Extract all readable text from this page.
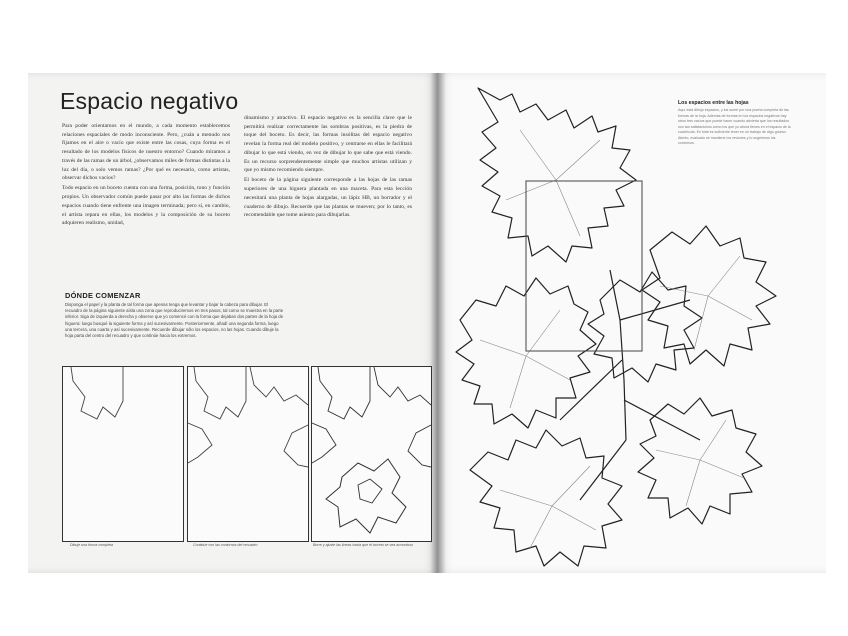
Espacio negativo

Para poder orientarnos en el mundo, a cada momento establecemos relaciones espaciales de modo inconsciente. Pero, ¿cuán a menudo nos fijamos en el aire o vacío que existe entre las cosas, cuya forma es el resultado de los modelos físicos de nuestro entorno? Cuando miramos a través de las ramas de un árbol, ¿observamos miles de formas distintas a la luz del día, o solo vemos ramas? ¿Por qué es necesario, como artistas, observar dichos vacíos?

Todo espacio en un boceto cuenta con una forma, posición, tono y función propios. Un observador común puede pasar por alto las formas de dichos espacios cuando tiene enfrente una imagen terminada; pero sí, en cambio, el artista repara en ellas, los modelos y la composición de su boceto adquieren realismo, unidad,

dinamismo y atractivo. El espacio negativo es la sencilla clave que le permitirá realizar correctamente las sombras positivas, es la piedra de toque del boceto. Es decir, las formas insólitas del espacio negativo revelan la forma real del modelo positivo, y centrarse en ellas le facilitará dibujar lo que está viendo, en vez de dibujar lo que sabe que está viendo. Es un recurso sorprendentemente simple que muchos artistas utilizan y que yo mismo recomiendo siempre.

El boceto de la página siguiente corresponde a las hojas de las ramas superiores de una higuera plantada en una maceta. Para esta lección necesitará una planta de hojas alargadas, un lápiz HB, un borrador y el cuaderno de dibujo. Recuerde que las plantas se mueven; por lo tanto, es recomendable que tome asiento para dibujarlas.

DÓNDE COMENZAR
Disponga el papel y la planta de tal forma que apenas tenga que levantar y bajar la cabeza para dibujar. El recuadro de la página siguiente aísla una zona que reproduciremos en tres pasos, tal como se muestra en la parte inferior. Siga de izquierda a derecha y observe que yo comencé con la forma que dejaban dos partes de la hoja de higuera: luego busqué la siguiente forma y así sucesivamente. Posteriormente, añadí una segunda forma, luego una tercera, una cuarta y así sucesivamente. Recuerde dibujar sólo los espacios, no las hojas. Cuando dibuje la hoja parta del centro del recuadro y que continúe hacia los extremos.
Dibuje una forma completa	Continúe con las contornos del recuadro	Borre y ajuste las líneas hasta que el boceto se vea armonioso
Los espacios entre las hojas
Aquí está dibujo espacios, y los sumé por una puerta completa de las formas de la hoja. Además de formas en los espacios negativos hay otros tres vacíos que puede hacer cuando advierta que los resultados son tan satisfactorios como los que yo ahora tienes en el espacio de la cuadrícula. En total es suficiente tener en un trabajo de algo grueso. Atento, evaluado se mantiene los reviones y lo sugerimos los contornos.
